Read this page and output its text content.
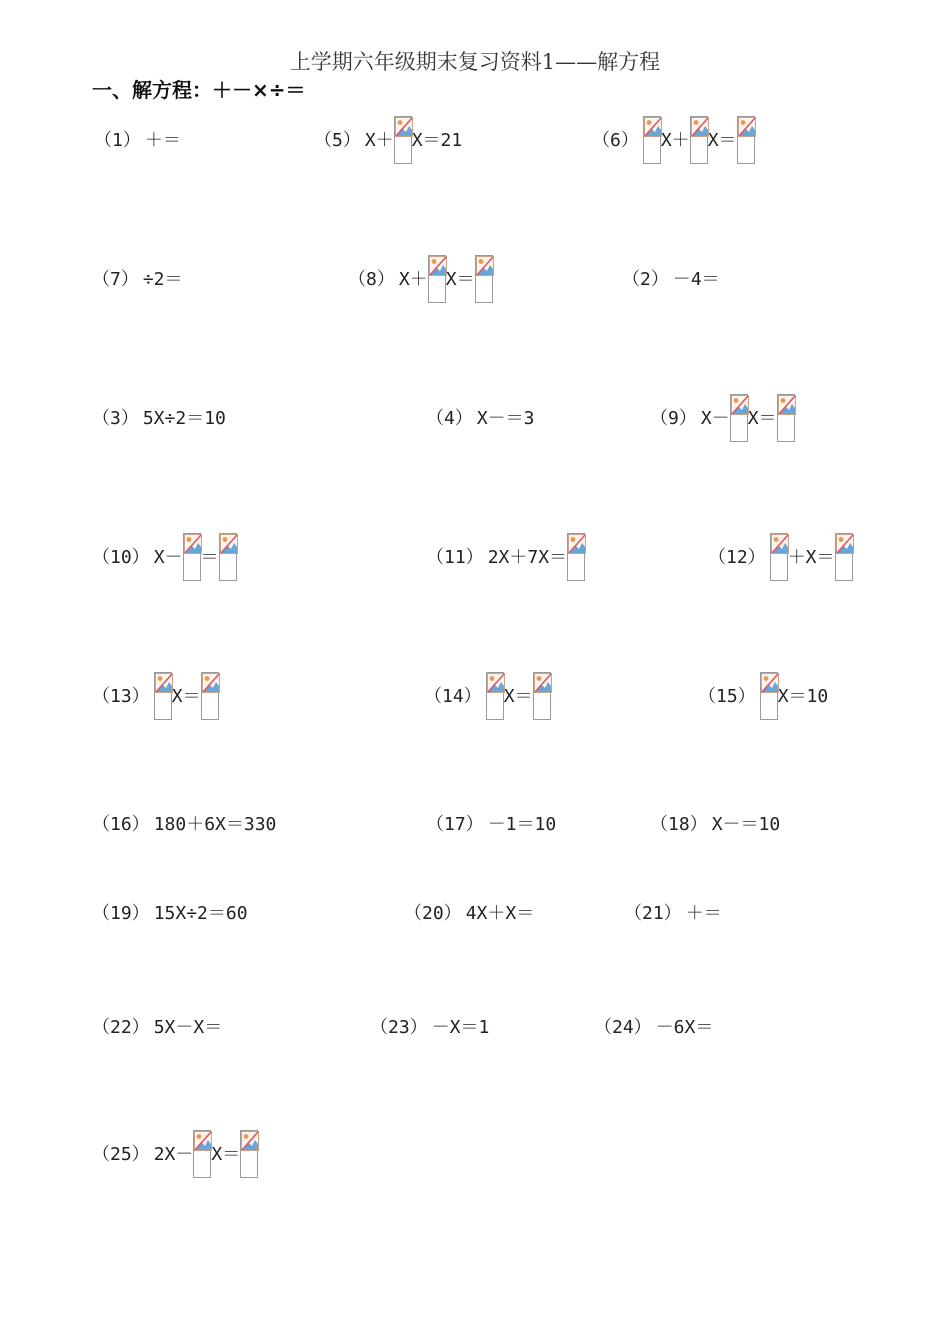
上学期六年级期末复习资料1——解方程
一、解方程：＋－×÷＝
（1） ＋＝	（5） X＋ X＝21	（6） X＋ X＝
（7） ÷2＝	（8） X＋ X＝	（2） －4＝
（3） 5X÷2＝10	（4） X－＝3	（9） X－ X＝
（10） X－ ＝	（11） 2X＋7X＝	（12） ＋X＝
（13） X＝	（14） X＝	（15） X＝10
（16） 180＋6X＝330	（17） －1＝10	（18） X－＝10
（19） 15X÷2＝60	（20） 4X＋X＝	（21） ＋＝
（22） 5X－X＝	（23） －X＝1	（24） －6X＝
（25） 2X－ X＝
